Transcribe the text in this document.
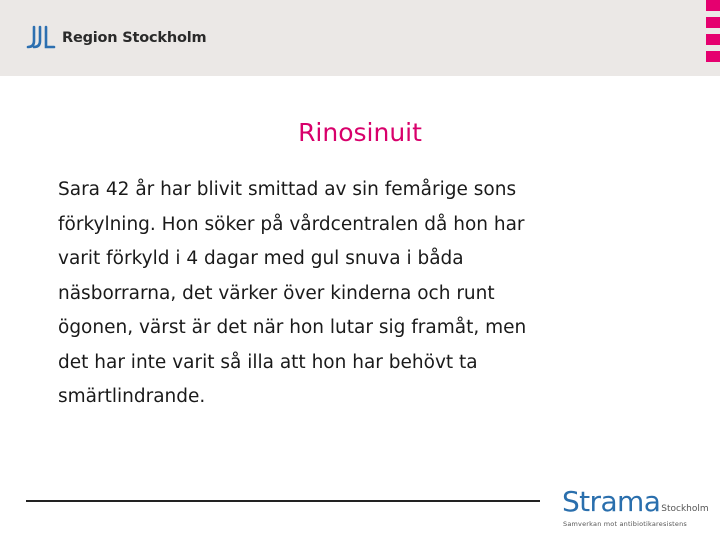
Region Stockholm
Rinosinuit

Sara 42 år har blivit smittad av sin femårige sons

förkylning. Hon söker på vårdcentralen då hon har

varit förkyld i 4 dagar med gul snuva i båda

näsborrarna, det värker över kinderna och runt

ögonen, värst är det när hon lutar sig framåt, men

det har inte varit så illa att hon har behövt ta

smärtlindrande.

StramaStockholm
Samverkan mot antibiotikaresistens
